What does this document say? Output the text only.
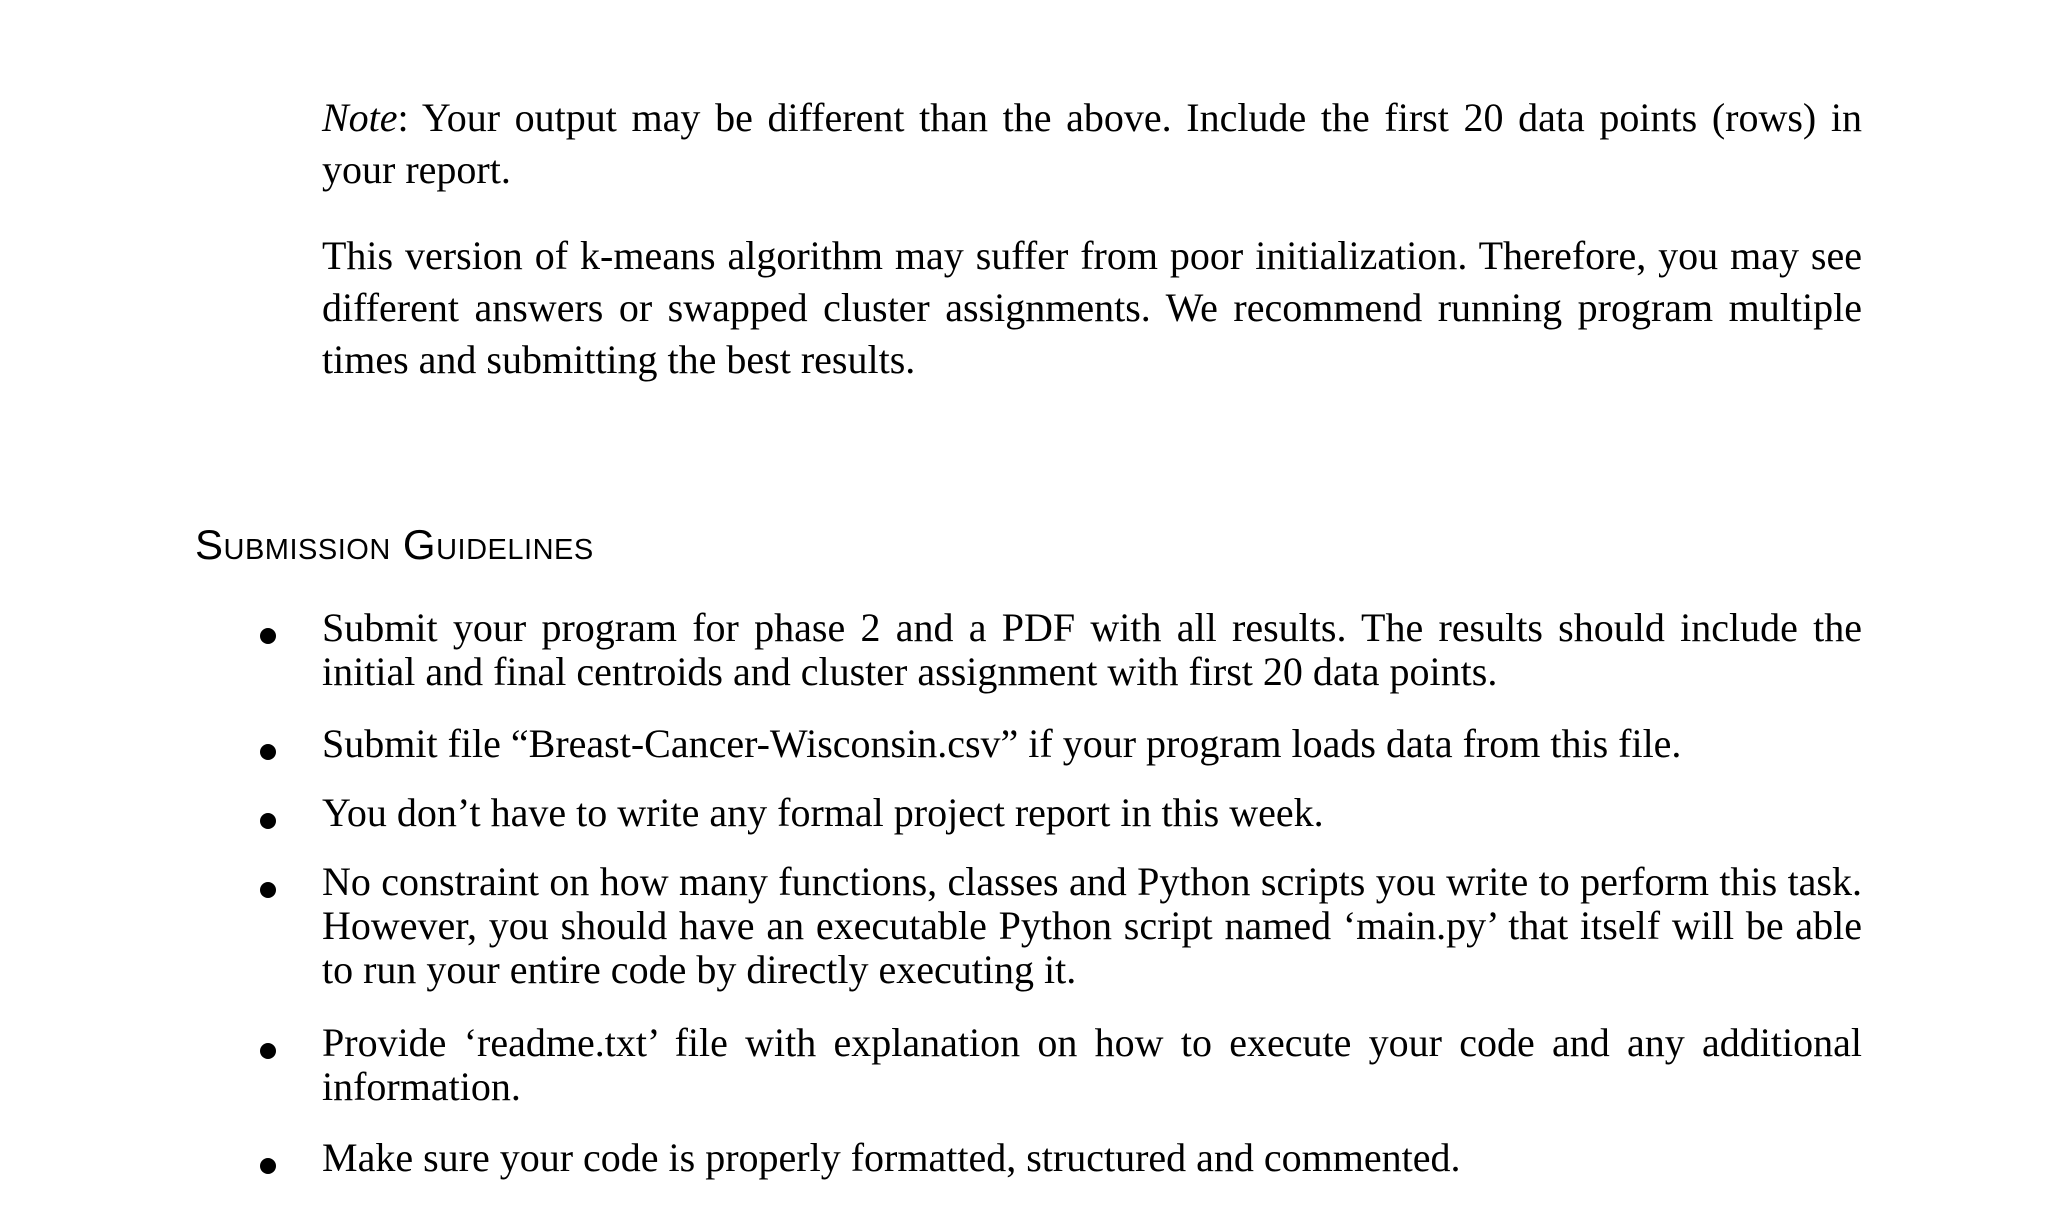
Note: Your output may be different than the above. Include the first 20 data points (rows) in your report.

This version of k-means algorithm may suffer from poor initialization. Therefore, you may see different answers or swapped cluster assignments. We recommend running program multiple times and submitting the best results.

Submission Guidelines

Submit your program for phase 2 and a PDF with all results. The results should include the initial and final centroids and cluster assignment with first 20 data points.

Submit file “Breast-Cancer-Wisconsin.csv” if your program loads data from this file.

You don’t have to write any formal project report in this week.

No constraint on how many functions, classes and Python scripts you write to perform this task. However, you should have an executable Python script named ‘main.py’ that itself will be able to run your entire code by directly executing it.

Provide ‘readme.txt’ file with explanation on how to execute your code and any additional information.

Make sure your code is properly formatted, structured and commented.
